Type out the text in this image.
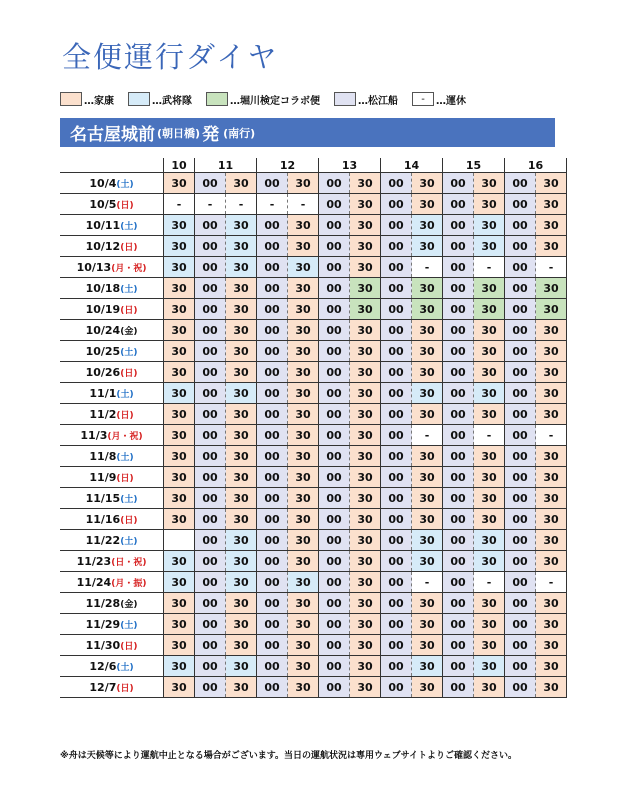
全便運行ダイヤ
…家康	…武将隊	…堀川検定コラボ便	…松江船	-	…運休
名古屋城前 (朝日橋) 発 (南行)
	10	11		12		13		14		15		16	
10/4(土)	30	00	30	00	30	00	30	00	30	00	30	00	30
10/5(日)	-	-	-	-	-	00	30	00	30	00	30	00	30
10/11(土)	30	00	30	00	30	00	30	00	30	00	30	00	30
10/12(日)	30	00	30	00	30	00	30	00	30	00	30	00	30
10/13(月・祝)	30	00	30	00	30	00	30	00	-	00	-	00	-
10/18(土)	30	00	30	00	30	00	30	00	30	00	30	00	30
10/19(日)	30	00	30	00	30	00	30	00	30	00	30	00	30
10/24(金)	30	00	30	00	30	00	30	00	30	00	30	00	30
10/25(土)	30	00	30	00	30	00	30	00	30	00	30	00	30
10/26(日)	30	00	30	00	30	00	30	00	30	00	30	00	30
11/1(土)	30	00	30	00	30	00	30	00	30	00	30	00	30
11/2(日)	30	00	30	00	30	00	30	00	30	00	30	00	30
11/3(月・祝)	30	00	30	00	30	00	30	00	-	00	-	00	-
11/8(土)	30	00	30	00	30	00	30	00	30	00	30	00	30
11/9(日)	30	00	30	00	30	00	30	00	30	00	30	00	30
11/15(土)	30	00	30	00	30	00	30	00	30	00	30	00	30
11/16(日)	30	00	30	00	30	00	30	00	30	00	30	00	30
11/22(土)		00	30	00	30	00	30	00	30	00	30	00	30
11/23(日・祝)	30	00	30	00	30	00	30	00	30	00	30	00	30
11/24(月・振)	30	00	30	00	30	00	30	00	-	00	-	00	-
11/28(金)	30	00	30	00	30	00	30	00	30	00	30	00	30
11/29(土)	30	00	30	00	30	00	30	00	30	00	30	00	30
11/30(日)	30	00	30	00	30	00	30	00	30	00	30	00	30
12/6(土)	30	00	30	00	30	00	30	00	30	00	30	00	30
12/7(日)	30	00	30	00	30	00	30	00	30	00	30	00	30
※舟は天候等により運航中止となる場合がございます。当日の運航状況は専用ウェブサイトよりご確認ください。
